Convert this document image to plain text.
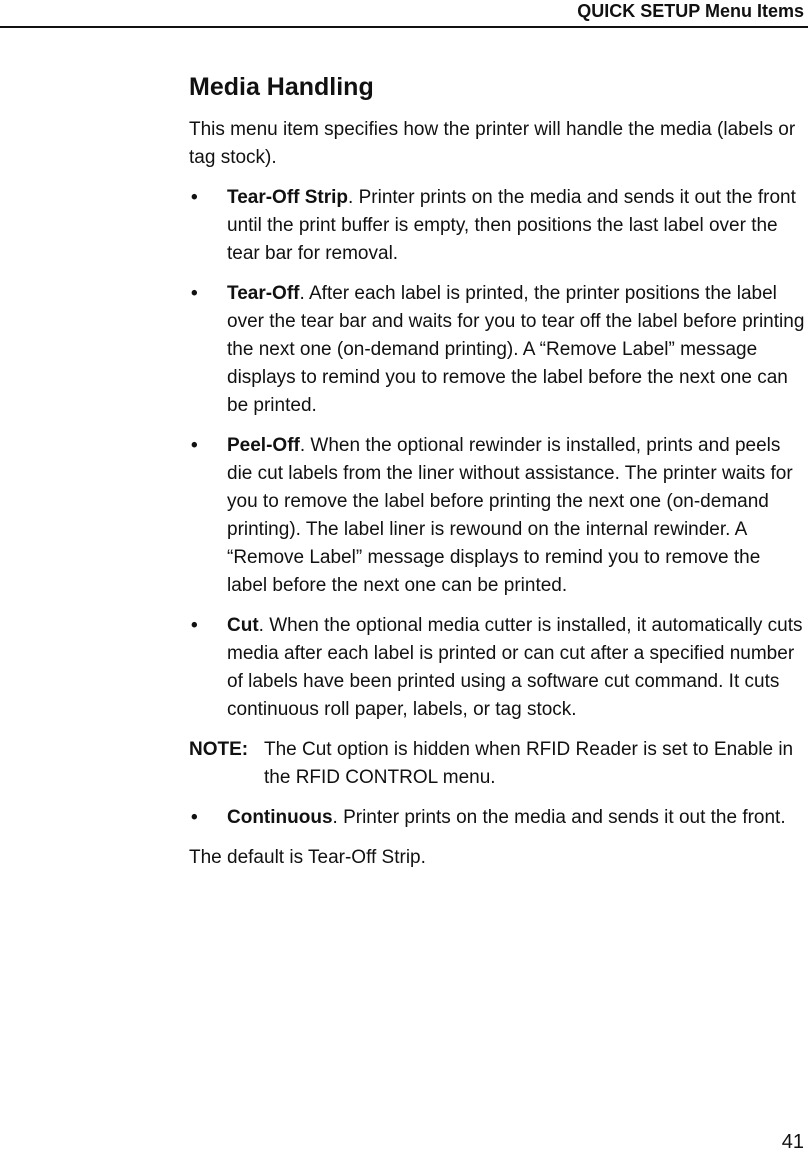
QUICK SETUP Menu Items
Media Handling

This menu item specifies how the printer will handle the media (labels or tag stock).

• Tear-Off Strip. Printer prints on the media and sends it out the front until the print buffer is empty, then positions the last label over the tear bar for removal.
• Tear-Off. After each label is printed, the printer positions the label over the tear bar and waits for you to tear off the label before printing the next one (on-demand printing). A “Remove Label” message displays to remind you to remove the label before the next one can be printed.
• Peel-Off. When the optional rewinder is installed, prints and peels die cut labels from the liner without assistance. The printer waits for you to remove the label before printing the next one (on-demand printing). The label liner is rewound on the internal rewinder. A “Remove Label” message displays to remind you to remove the label before the next one can be printed.
• Cut. When the optional media cutter is installed, it automatically cuts media after each label is printed or can cut after a specified number of labels have been printed using a software cut command. It cuts continuous roll paper, labels, or tag stock.
NOTE: The Cut option is hidden when RFID Reader is set to Enable in the RFID CONTROL menu.
• Continuous. Printer prints on the media and sends it out the front.

The default is Tear-Off Strip.

41
